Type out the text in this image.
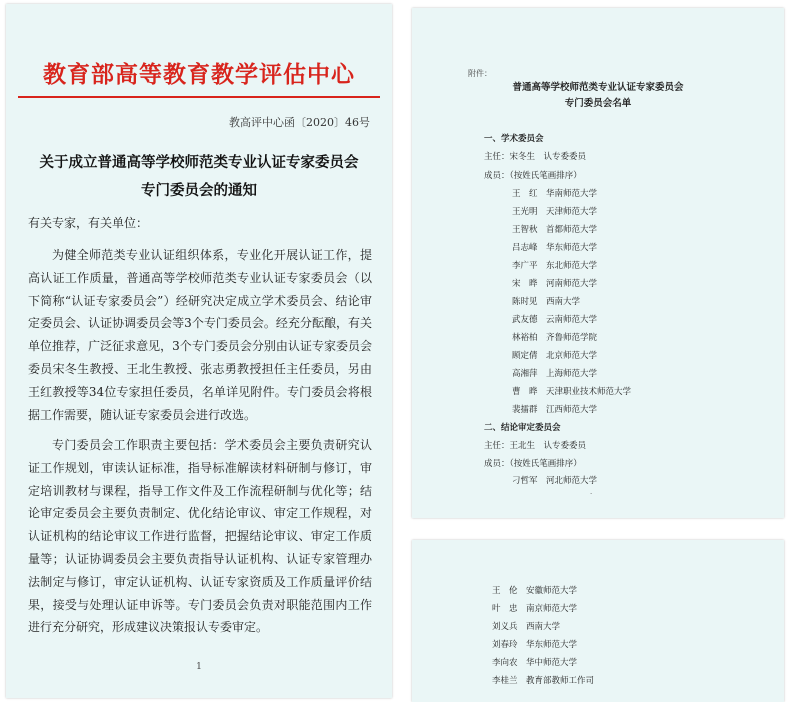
教育部高等教育教学评估中心
教高评中心函〔2020〕46号
关于成立普通高等学校师范类专业认证专家委员会
专门委员会的通知
有关专家，有关单位：

为健全师范类专业认证组织体系，专业化开展认证工作，提高认证工作质量，普通高等学校师范类专业认证专家委员会（以下简称“认证专家委员会”）经研究决定成立学术委员会、结论审定委员会、认证协调委员会等3个专门委员会。经充分酝酿，有关单位推荐，广泛征求意见，3个专门委员会分别由认证专家委员会委员宋冬生教授、王北生教授、张志勇教授担任主任委员，另由王红教授等34位专家担任委员，名单详见附件。专门委员会将根据工作需要，随认证专家委员会进行改选。

专门委员会工作职责主要包括：学术委员会主要负责研究认证工作规划，审读认证标准，指导标准解读材料研制与修订，审定培训教材与课程，指导工作文件及工作流程研制与优化等；结论审定委员会主要负责制定、优化结论审议、审定工作规程，对认证机构的结论审议工作进行监督，把握结论审议、审定工作质量等；认证协调委员会主要负责指导认证机构、认证专家管理办法制定与修订，审定认证机构、认证专家资质及工作质量评价结果，接受与处理认证申诉等。专门委员会负责对职能范围内工作进行充分研究，形成建议决策报认专委审定。

1
附件：
普通高等学校师范类专业认证专家委员会
专门委员会名单
一、学术委员会
主任：宋冬生　认专委委员
成员：（按姓氏笔画排序）
王　红 华南师范大学
王光明 天津师范大学
王智秋 首都师范大学
吕志峰 华东师范大学
李广平 东北师范大学
宋　晔 河南师范大学
陈时见 西南大学
武友德 云南师范大学
林裕柏 齐鲁师范学院
顾定倩 北京师范大学
高湘萍 上海师范大学
曹　晔 天津职业技术师范大学
裴擂群 江西师范大学
二、结论审定委员会
主任：王北生　认专委委员
成员：（按姓氏笔画排序）
刁哲军 河北师范大学
·
王　伦 安徽师范大学
叶　忠 南京师范大学
刘义兵 西南大学
刘春玲 华东师范大学
李向农 华中师范大学
李桂兰 教育部教师工作司
